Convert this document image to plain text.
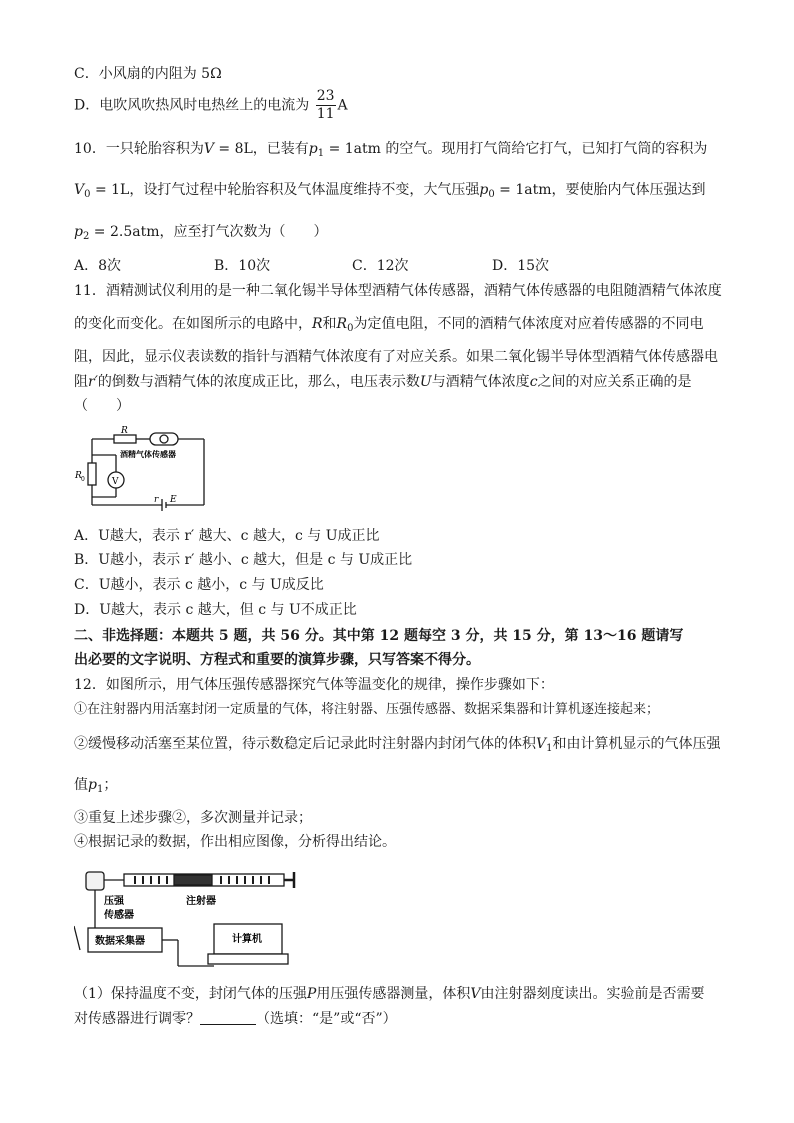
C．小风扇的内阻为 5Ω
D．电吹风吹热风时电热丝上的电流为 $\frac{23}{11}$ A
10．一只轮胎容积为V = 8L，已装有$p_1 = 1atm$ 的空气。现用打气筒给它打气，已知打气筒的容积为
$V_0 = 1L$，设打气过程中轮胎容积及气体温度维持不变，大气压强$p_0 = 1atm$，要使胎内气体压强达到
$p_2 = 2.5atm$，应至打气次数为（　　）
A．8次	B．10次	C．12次	D．15次
11．酒精测试仪利用的是一种二氧化锡半导体型酒精气体传感器，酒精气体传感器的电阻随酒精气体浓度
的变化而变化。在如图所示的电路中，R和$R_0$为定值电阻，不同的酒精气体浓度对应着传感器的不同电
阻，因此，显示仪表读数的指针与酒精气体浓度有了对应关系。如果二氧化锡半导体型酒精气体传感器电
阻r′的倒数与酒精气体的浓度成正比，那么，电压表示数U与酒精气体浓度c之间的对应关系正确的是
（　　）
R
酒精气体传感器
R 0	V
r E
A．U越大，表示 r′ 越大、c 越大，c 与 U成正比
B．U越小，表示 r′ 越小、c 越大，但是 c 与 U成正比
C．U越小，表示 c 越小，c 与 U成反比
D．U越大，表示 c 越大，但 c 与 U不成正比
二、非选择题：本题共 5 题，共 56 分。其中第 12 题每空 3 分，共 15 分，第 13～16 题请写
出必要的文字说明、方程式和重要的演算步骤，只写答案不得分。
12．如图所示，用气体压强传感器探究气体等温变化的规律，操作步骤如下：
①在注射器内用活塞封闭一定质量的气体，将注射器、压强传感器、数据采集器和计算机逐连接起来；
②缓慢移动活塞至某位置，待示数稳定后记录此时注射器内封闭气体的体积$V_1$和由计算机显示的气体压强
值$p_1$；
③重复上述步骤②，多次测量并记录；
④根据记录的数据，作出相应图像，分析得出结论。
压强
传感器
注射器
数据采集器	计算机
（1）保持温度不变，封闭气体的压强P用压强传感器测量，体积V由注射器刻度读出。实验前是否需要
对传感器进行调零？	（选填：“是”或“否”）
